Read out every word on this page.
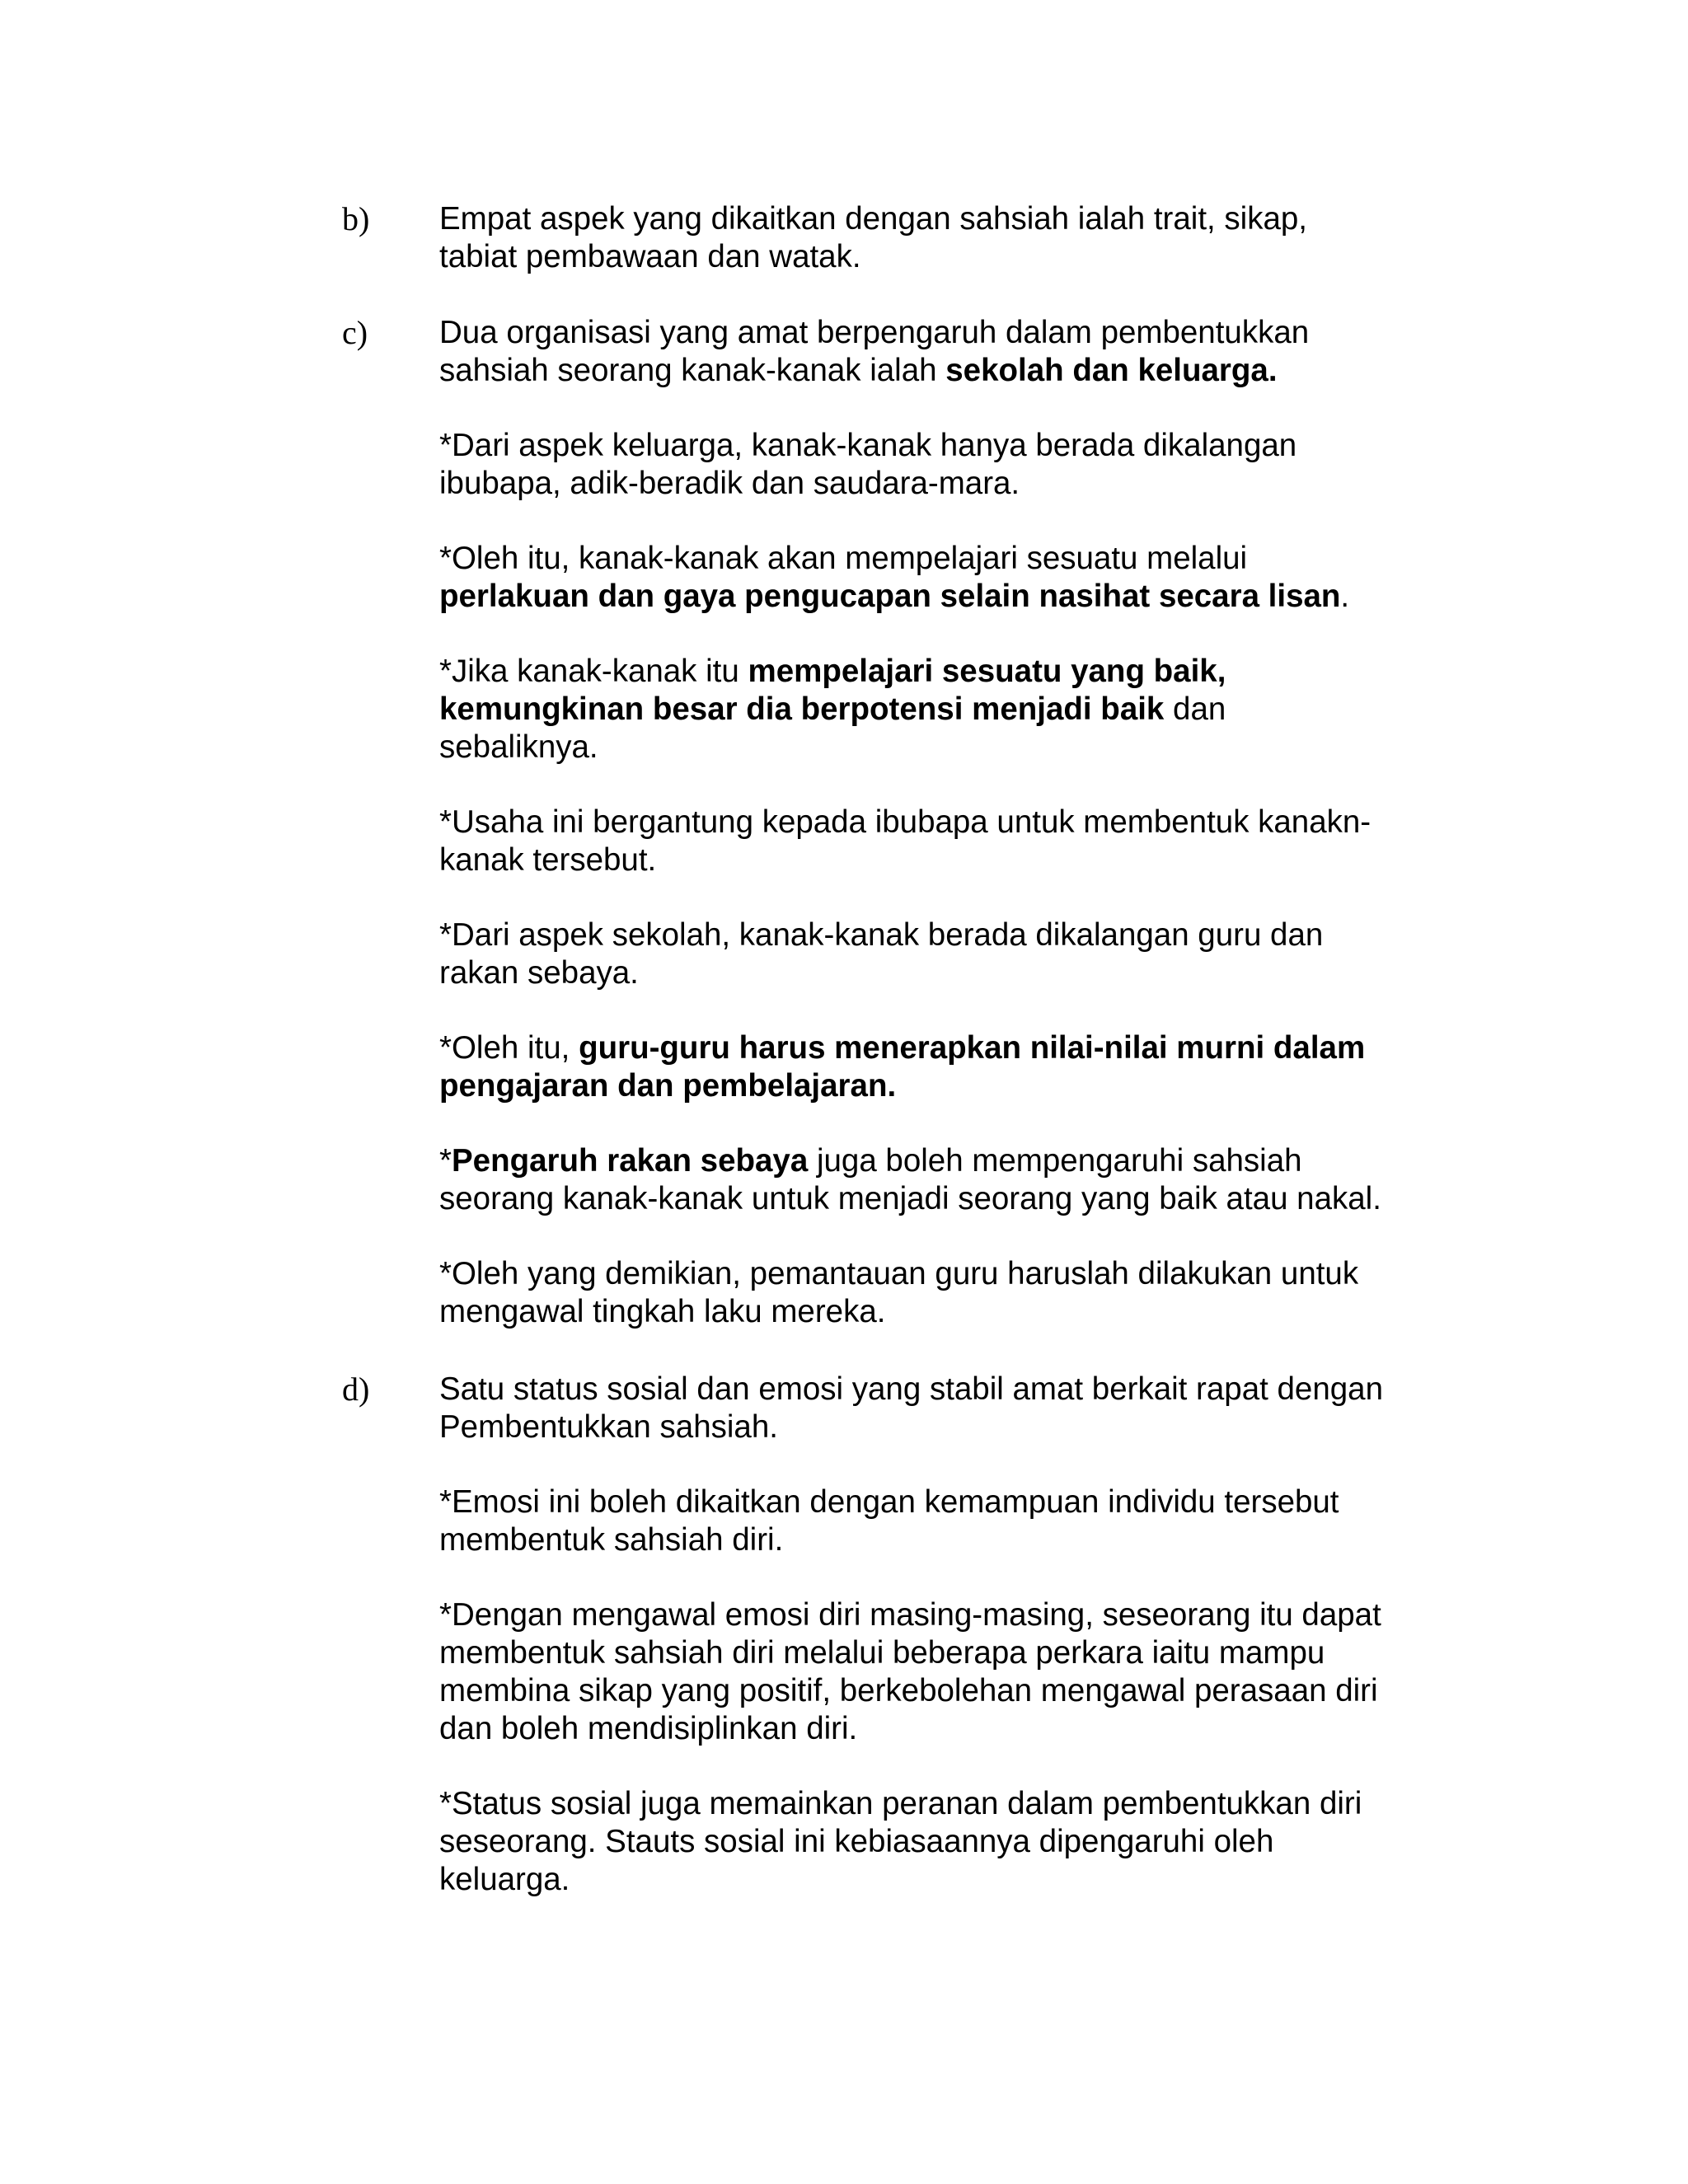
b)	Empat aspek yang dikaitkan dengan sahsiah ialah trait, sikap,
tabiat pembawaan dan watak.
c)	Dua organisasi yang amat berpengaruh dalam pembentukkan
sahsiah seorang kanak-kanak ialah sekolah dan keluarga.
*Dari aspek keluarga, kanak-kanak hanya berada dikalangan
ibubapa, adik-beradik dan saudara-mara.
*Oleh itu, kanak-kanak akan mempelajari sesuatu melalui
perlakuan dan gaya pengucapan selain nasihat secara lisan.
*Jika kanak-kanak itu mempelajari sesuatu yang baik,
kemungkinan besar dia berpotensi menjadi baik dan
sebaliknya.
*Usaha ini bergantung kepada ibubapa untuk membentuk kanakn-
kanak tersebut.
*Dari aspek sekolah, kanak-kanak berada dikalangan guru dan
rakan sebaya.
*Oleh itu, guru-guru harus menerapkan nilai-nilai murni dalam
pengajaran dan pembelajaran.
*Pengaruh rakan sebaya juga boleh mempengaruhi sahsiah
seorang kanak-kanak untuk menjadi seorang yang baik atau nakal.
*Oleh yang demikian, pemantauan guru haruslah dilakukan untuk
mengawal tingkah laku mereka.
d)	Satu status sosial dan emosi yang stabil amat berkait rapat dengan
Pembentukkan sahsiah.
*Emosi ini boleh dikaitkan dengan kemampuan individu tersebut
membentuk sahsiah diri.
*Dengan mengawal emosi diri masing-masing, seseorang itu dapat
membentuk sahsiah diri melalui beberapa perkara iaitu mampu
membina sikap yang positif, berkebolehan mengawal perasaan diri
dan boleh mendisiplinkan diri.
*Status sosial juga memainkan peranan dalam pembentukkan diri
seseorang. Stauts sosial ini kebiasaannya dipengaruhi oleh
keluarga.
